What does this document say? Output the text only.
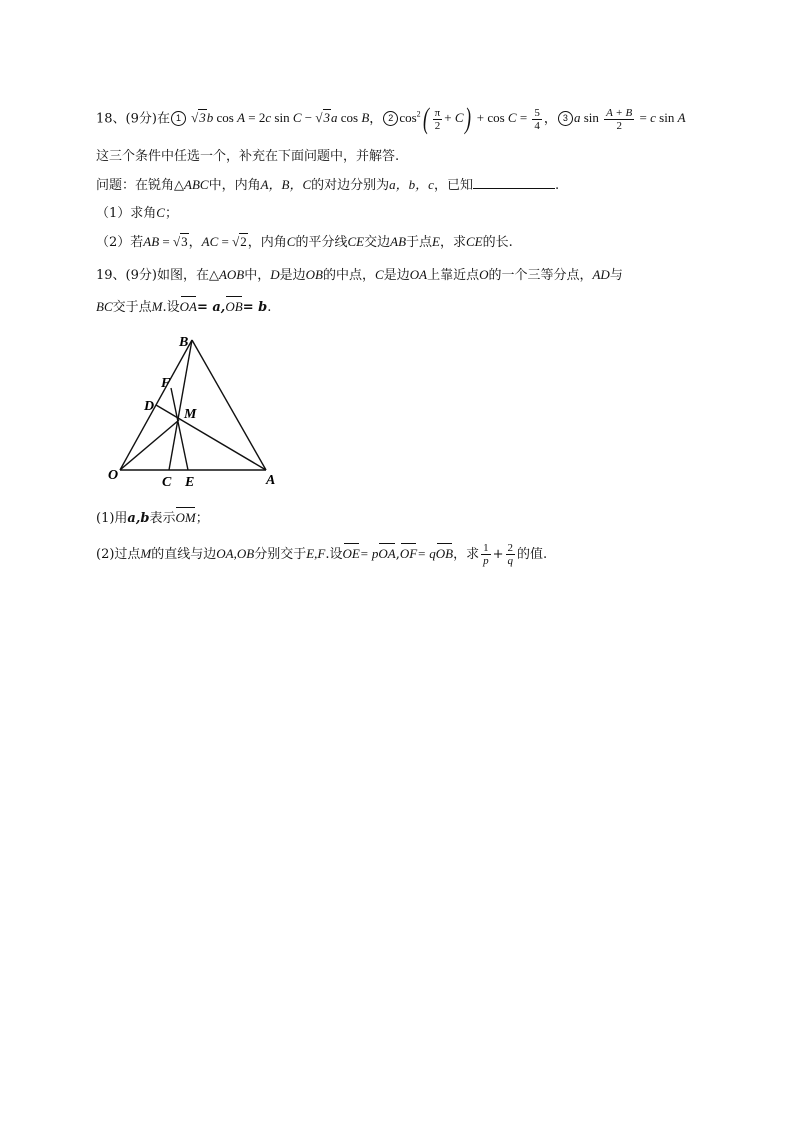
18、(9分)在 1 √3b cos A = 2c sin C − √3a cos B， 2 $\cos^2( \frac{\pi}{2} + C) + \cos C = \frac{5}{4}$ ， 3 a $\sin \frac{A + B}{2} = c$ sin A
这三个条件中任选一个，补充在下面问题中，并解答.
问题：在锐角△ABC中，内角A，B，C的对边分别为a，b，c，已知	.
（1）求角C；
（2）若AB = √3，AC = √2，内角C的平分线CE交边AB于点E，求CE的长.
19、(9分)如图，在△AOB中，D是边OB的中点，C是边OA上靠近点O的一个三等分点，AD与
BC交于点M.设OA= a,OB= b.
B
F
D
M
O	C E	A
(1)用a,b表示OM；
(2)过点M的直线与边OA,OB分别交于E,F.设OE= pOA,OF= qOB，求 $\frac{1}{p} + \frac{2}{q}$ 的值.
